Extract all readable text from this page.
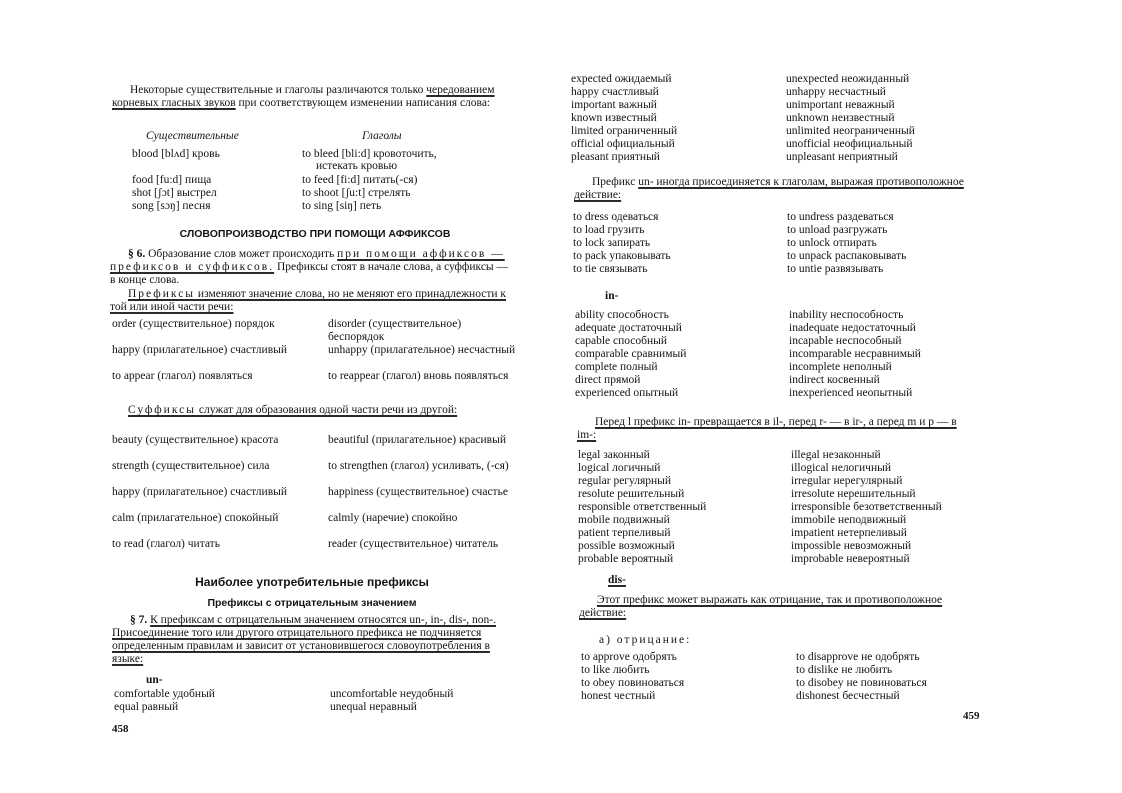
Некоторые существительные и глаголы различаются только чередованием корневых гласных звуков при соответствующем изменении написания слова:
Существительные	Глаголы
blood [blʌd] кровь	to bleed [bli:d] кровоточить,
истекать кровью
food [fu:d] пища	to feed [fi:d] питать(-ся)
shot [ʃɔt] выстрел	to shoot [ʃu:t] стрелять
song [sɔŋ] песня	to sing [siŋ] петь
СЛОВОПРОИЗВОДСТВО ПРИ ПОМОЩИ АФФИКСОВ
§ 6. Образование слов может происходить при помощи аффиксов — префиксов и суффиксов. Префиксы стоят в начале слова, а суффиксы — в конце слова.
Префиксы изменяют значение слова, но не меняют его принадлежности к той или иной части речи:
order (существительное) порядок	disorder (существительное) беспорядок
happy (прилагательное) счастливый	unhappy (прилагательное) несчастный
to appear (глагол) появляться	to reappear (глагол) вновь появляться
Суффиксы служат для образования одной части речи из другой:
beauty (существительное) красота	beautiful (прилагательное) красивый
strength (существительное) сила	to strengthen (глагол) усиливать, (-ся)
happy (прилагательное) счастливый	happiness (существительное) счастье
calm (прилагательное) спокойный	calmly (наречие) спокойно
to read (глагол) читать	reader (существительное) читатель
Наиболее употребительные префиксы
Префиксы с отрицательным значением
§ 7. К префиксам с отрицательным значением относятся un-, in-, dis-, non-. Присоединение того или другого отрицательного префикса не подчиняется определенным правилам и зависит от установившегося словоупотребления в языке:
un-
comfortable удобный	uncomfortable неудобный
equal равный	unequal неравный
458
expected ожидаемый	unexpected неожиданный
happy счастливый	unhappy несчастный
important важный	unimportant неважный
known известный	unknown неизвестный
limited ограниченный	unlimited неограниченный
official официальный	unofficial неофициальный
pleasant приятный	unpleasant неприятный
Префикс un- иногда присоединяется к глаголам, выражая противоположное действие:
to dress одеваться	to undress раздеваться
to load грузить	to unload разгружать
to lock запирать	to unlock отпирать
to pack упаковывать	to unpack распаковывать
to tie связывать	to untie развязывать
in-
ability способность	inability неспособность
adequate достаточный	inadequate недостаточный
capable способный	incapable неспособный
comparable сравнимый	incomparable несравнимый
complete полный	incomplete неполный
direct прямой	indirect косвенный
experienced опытный	inexperienced неопытный
Перед l префикс in- превращается в il-, перед r- — в ir-, а перед m и p — в im-:
legal законный	illegal незаконный
logical логичный	illogical нелогичный
regular регулярный	irregular нерегулярный
resolute решительный	irresolute нерешительный
responsible ответственный	irresponsible безответственный
mobile подвижный	immobile неподвижный
patient терпеливый	impatient нетерпеливый
possible возможный	impossible невозможный
probable вероятный	improbable невероятный
dis-
Этот префикс может выражать как отрицание, так и противоположное действие:
а) отрицание:
to approve одобрять	to disapprove не одобрять
to like любить	to dislike не любить
to obey повиноваться	to disobey не повиноваться
honest честный	dishonest бесчестный
459
